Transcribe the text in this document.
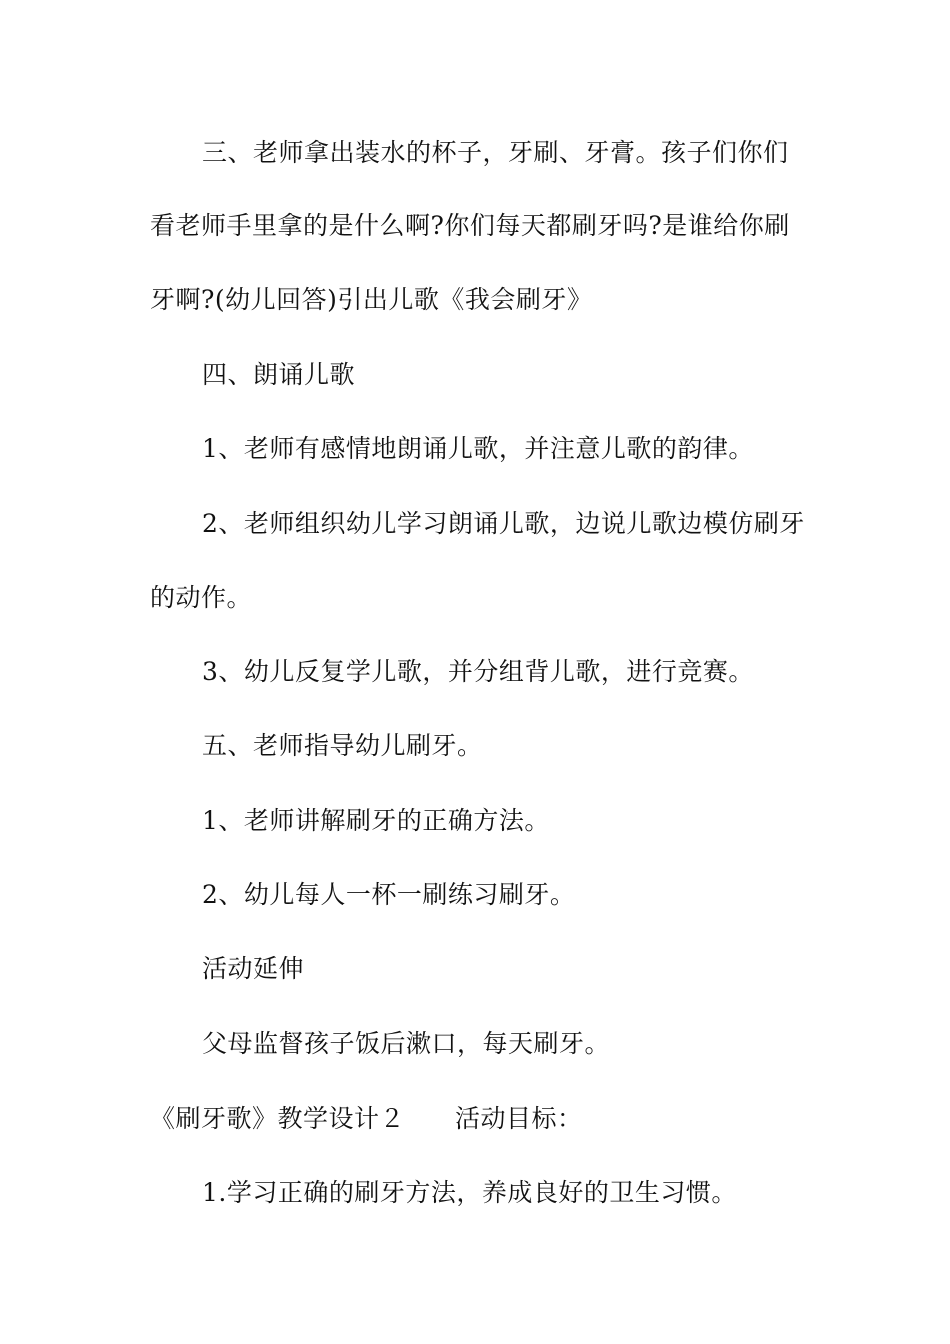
三、老师拿出装水的杯子，牙刷、牙膏。孩子们你们
看老师手里拿的是什么啊?你们每天都刷牙吗?是谁给你刷
牙啊?(幼儿回答)引出儿歌《我会刷牙》
四、朗诵儿歌
1、老师有感情地朗诵儿歌，并注意儿歌的韵律。
2、老师组织幼儿学习朗诵儿歌，边说儿歌边模仿刷牙
的动作。
3、幼儿反复学儿歌，并分组背儿歌，进行竞赛。
五、老师指导幼儿刷牙。
1、老师讲解刷牙的正确方法。
2、幼儿每人一杯一刷练习刷牙。
活动延伸
父母监督孩子饭后漱口，每天刷牙。
《刷牙歌》教学设计２ 活动目标：
1.学习正确的刷牙方法，养成良好的卫生习惯。
